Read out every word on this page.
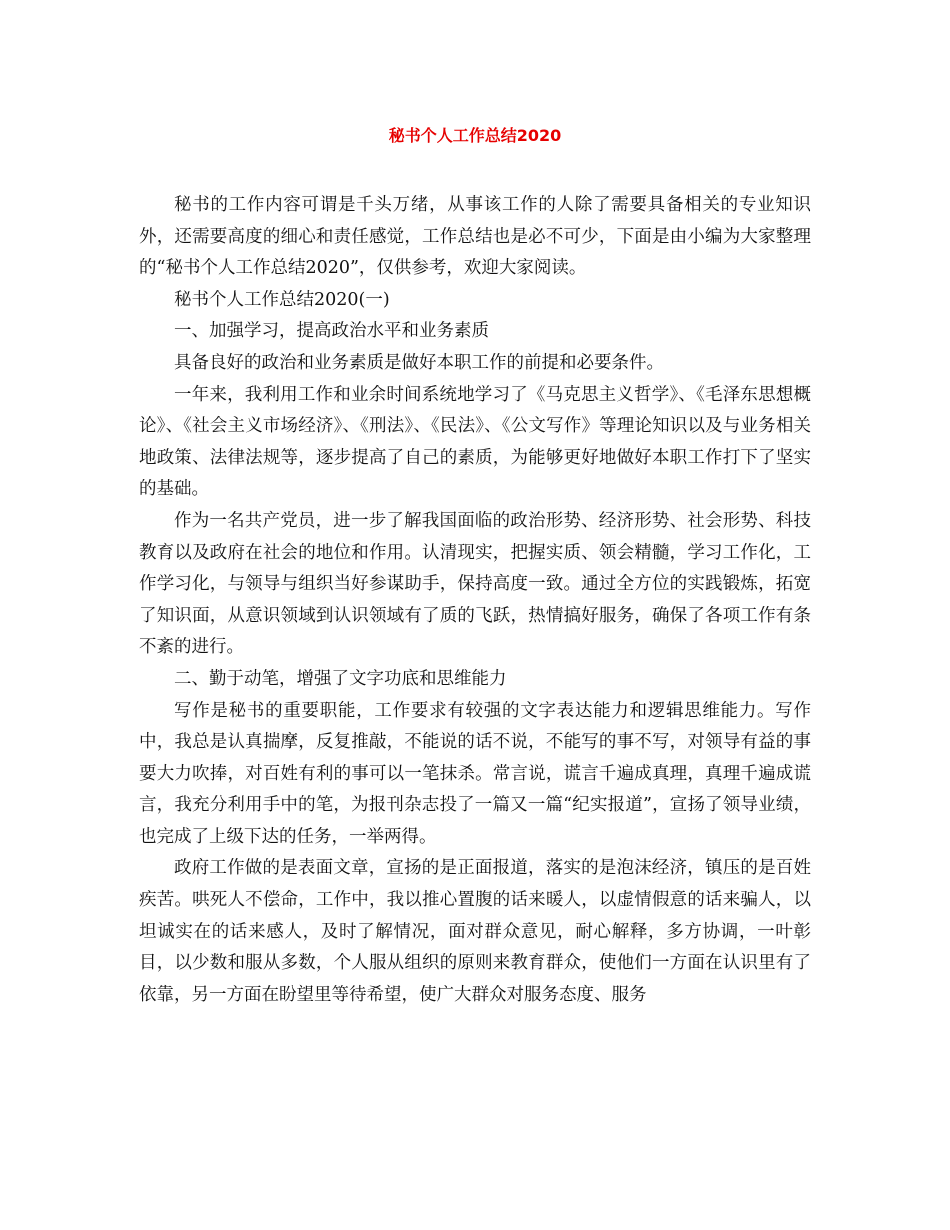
秘书个人工作总结2020

秘书的工作内容可谓是千头万绪，从事该工作的人除了需要具备相关的专业知识外，还需要高度的细心和责任感觉，工作总结也是必不可少，下面是由小编为大家整理的“秘书个人工作总结2020”，仅供参考，欢迎大家阅读。

秘书个人工作总结2020(一)

一、加强学习，提高政治水平和业务素质

具备良好的政治和业务素质是做好本职工作的前提和必要条件。

一年来，我利用工作和业余时间系统地学习了《马克思主义哲学》、《毛泽东思想概论》、《社会主义市场经济》、《刑法》、《民法》、《公文写作》等理论知识以及与业务相关地政策、法律法规等，逐步提高了自己的素质，为能够更好地做好本职工作打下了坚实的基础。

作为一名共产党员，进一步了解我国面临的政治形势、经济形势、社会形势、科技教育以及政府在社会的地位和作用。认清现实，把握实质、领会精髓，学习工作化，工作学习化，与领导与组织当好参谋助手，保持高度一致。通过全方位的实践锻炼，拓宽了知识面，从意识领域到认识领域有了质的飞跃，热情搞好服务，确保了各项工作有条不紊的进行。

二、勤于动笔，增强了文字功底和思维能力

写作是秘书的重要职能，工作要求有较强的文字表达能力和逻辑思维能力。写作中，我总是认真揣摩，反复推敲，不能说的话不说，不能写的事不写，对领导有益的事要大力吹捧，对百姓有利的事可以一笔抹杀。常言说，谎言千遍成真理，真理千遍成谎言，我充分利用手中的笔，为报刊杂志投了一篇又一篇“纪实报道”，宣扬了领导业绩，也完成了上级下达的任务，一举两得。

政府工作做的是表面文章，宣扬的是正面报道，落实的是泡沫经济，镇压的是百姓疾苦。哄死人不偿命，工作中，我以推心置腹的话来暖人，以虚情假意的话来骗人，以坦诚实在的话来感人，及时了解情况，面对群众意见，耐心解释，多方协调，一叶彰目，以少数和服从多数，个人服从组织的原则来教育群众，使他们一方面在认识里有了依靠，另一方面在盼望里等待希望，使广大群众对服务态度、服务
